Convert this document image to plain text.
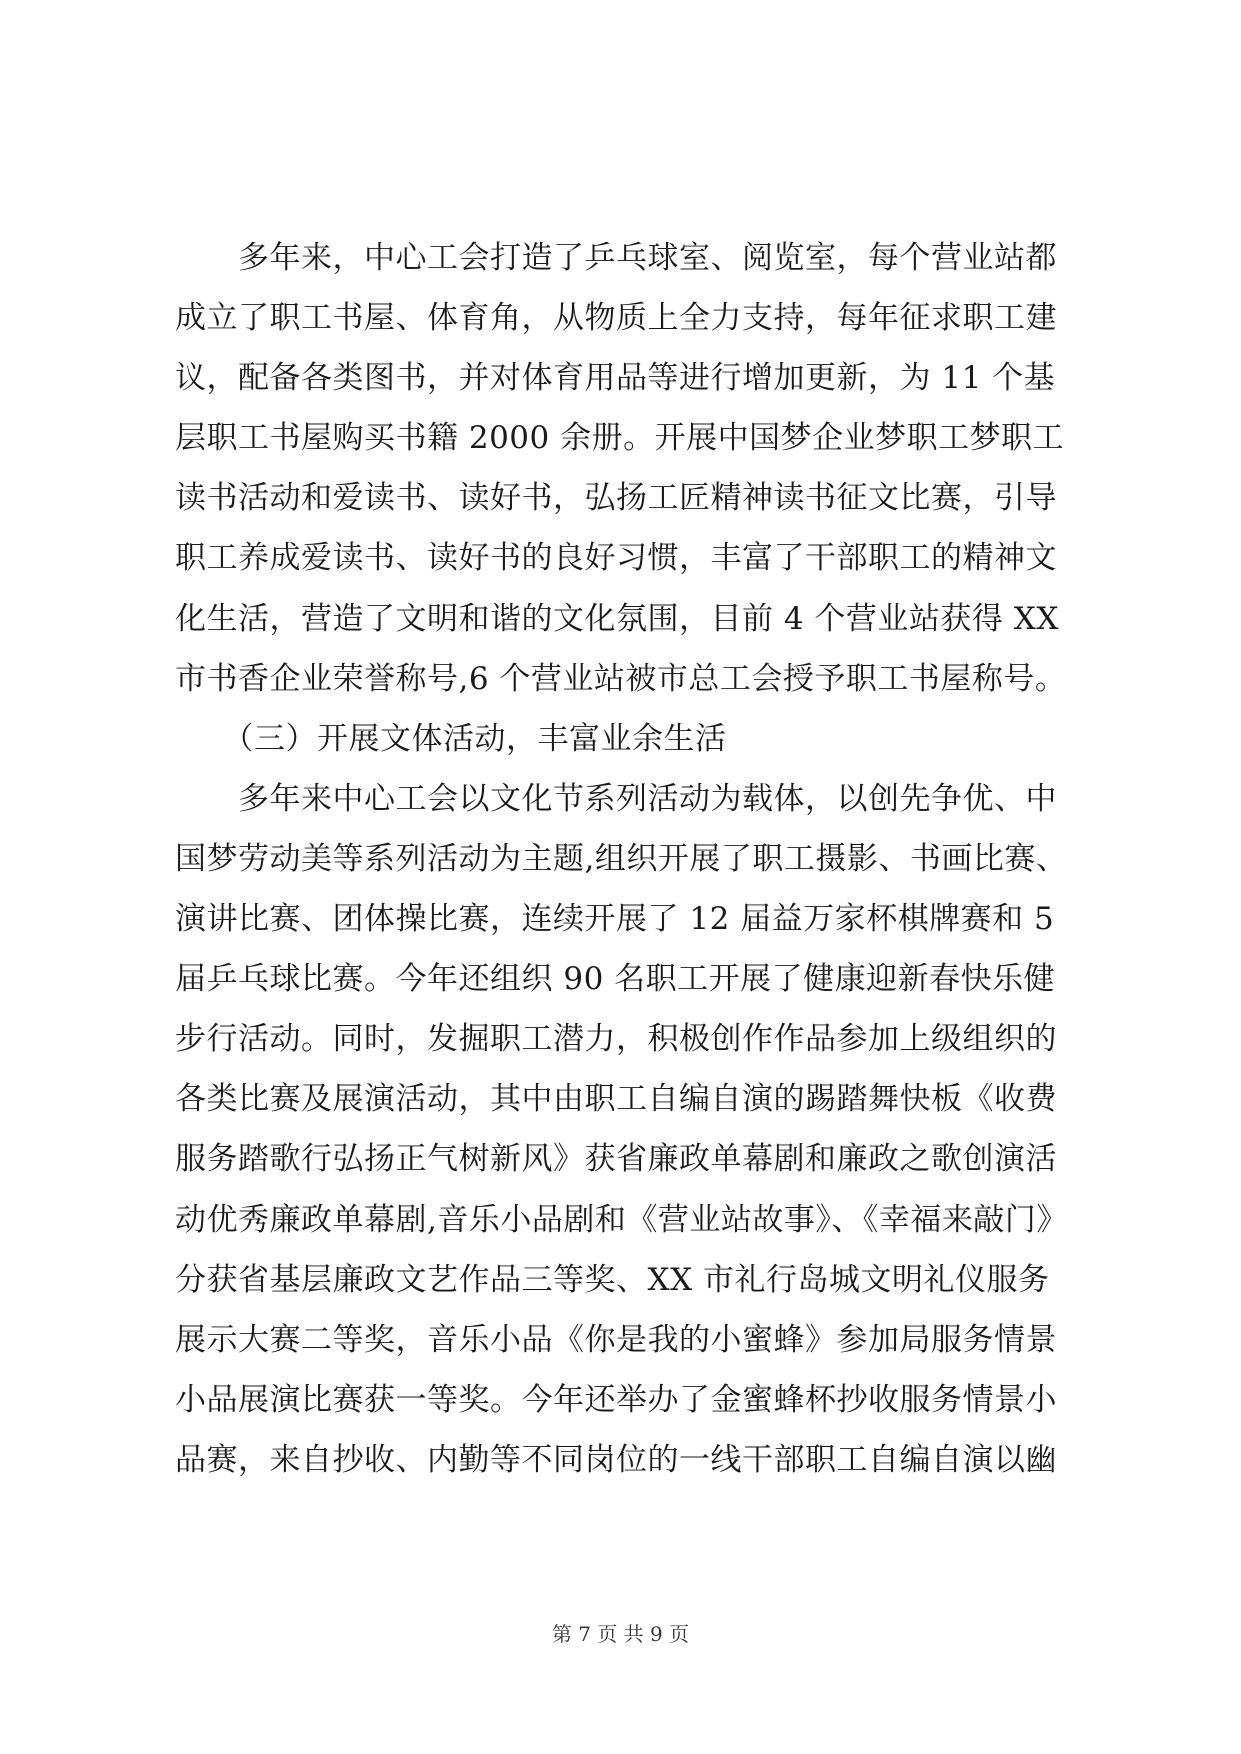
　　多年来，中心工会打造了乒乓球室、阅览室，每个营业站都
成立了职工书屋、体育角，从物质上全力支持，每年征求职工建
议，配备各类图书，并对体育用品等进行增加更新，为 11 个基
层职工书屋购买书籍 2000 余册。开展中国梦企业梦职工梦职工
读书活动和爱读书、读好书，弘扬工匠精神读书征文比赛，引导
职工养成爱读书、读好书的良好习惯，丰富了干部职工的精神文
化生活，营造了文明和谐的文化氛围，目前 4 个营业站获得 XX
市书香企业荣誉称号,6 个营业站被市总工会授予职工书屋称号。
　　（三）开展文体活动，丰富业余生活
　　多年来中心工会以文化节系列活动为载体，以创先争优、中
国梦劳动美等系列活动为主题,组织开展了职工摄影、书画比赛、
演讲比赛、团体操比赛，连续开展了 12 届益万家杯棋牌赛和 5
届乒乓球比赛。今年还组织 90 名职工开展了健康迎新春快乐健
步行活动。同时，发掘职工潜力，积极创作作品参加上级组织的
各类比赛及展演活动，其中由职工自编自演的踢踏舞快板《收费
服务踏歌行弘扬正气树新风》获省廉政单幕剧和廉政之歌创演活
动优秀廉政单幕剧,音乐小品剧和《营业站故事》、《幸福来敲门》
分获省基层廉政文艺作品三等奖、XX 市礼行岛城文明礼仪服务
展示大赛二等奖，音乐小品《你是我的小蜜蜂》参加局服务情景
小品展演比赛获一等奖。今年还举办了金蜜蜂杯抄收服务情景小
品赛，来自抄收、内勤等不同岗位的一线干部职工自编自演以幽
第 7 页 共 9 页
